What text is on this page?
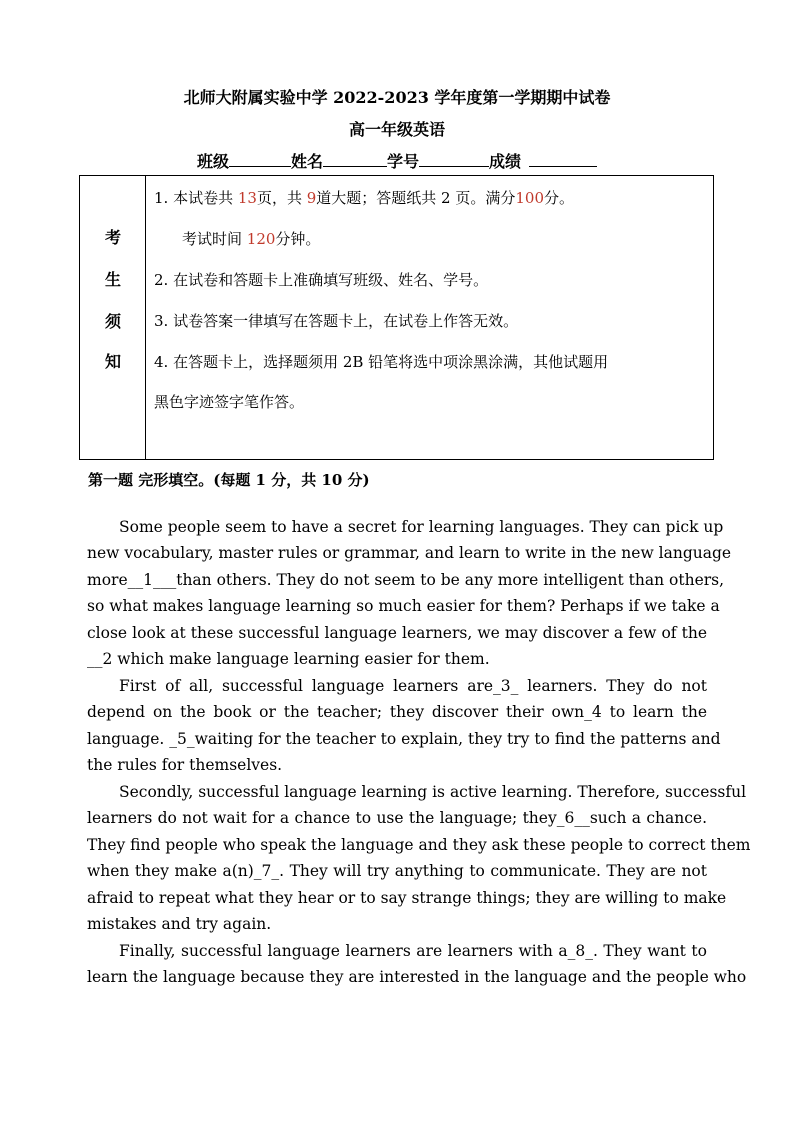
北师大附属实验中学 2022-2023 学年度第一学期期中试卷
高一年级英语
班级	姓名	学号	成绩
考
生
须
知
1. 本试卷共 13页，共 9道大题；答题纸共 2 页。满分100分。
考试时间 120分钟。
2. 在试卷和答题卡上准确填写班级、姓名、学号。
3. 试卷答案一律填写在答题卡上，在试卷上作答无效。
4. 在答题卡上，选择题须用 2B 铅笔将选中项涂黑涂满，其他试题用
黑色字迹签字笔作答。
第一题 完形填空。(每题 1 分，共 10 分)
Some people seem to have a secret for learning languages. They can pick up
new vocabulary, master rules or grammar, and learn to write in the new language
more__1___than others. They do not seem to be any more intelligent than others,
so what makes language learning so much easier for them? Perhaps if we take a
close look at these successful language learners, we may discover a few of the
__2 which make language learning easier for them.
First of all, successful language learners are_3_ learners. They do not
depend on the book or the teacher; they discover their own_4 to learn the
language. _5_waiting for the teacher to explain, they try to find the patterns and
the rules for themselves.
Secondly, successful language learning is active learning. Therefore, successful
learners do not wait for a chance to use the language; they_6__such a chance.
They find people who speak the language and they ask these people to correct them
when they make a(n)_7_. They will try anything to communicate. They are not
afraid to repeat what they hear or to say strange things; they are willing to make
mistakes and try again.
Finally, successful language learners are learners with a_8_. They want to
learn the language because they are interested in the language and the people who
